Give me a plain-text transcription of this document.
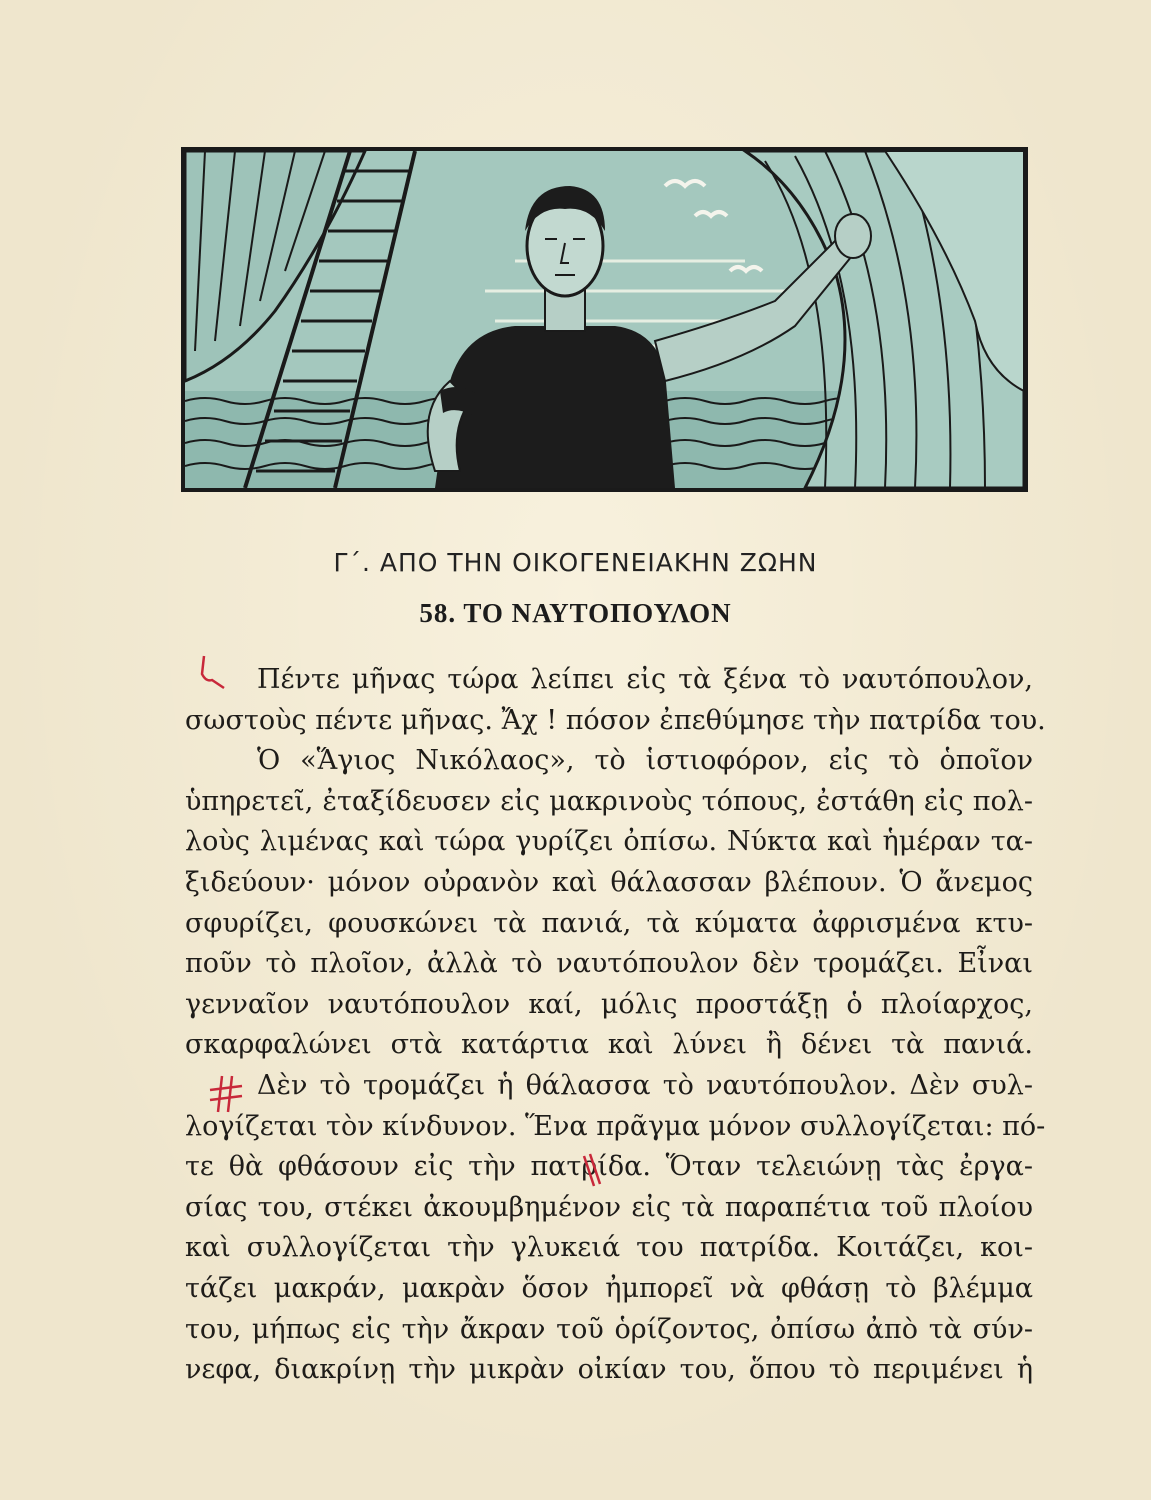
Γ΄. ΑΠΟ ΤΗΝ ΟΙΚΟΓΕΝΕΙΑΚΗΝ ΖΩΗΝ
58. ΤΟ ΝΑΥΤΟΠΟΥΛΟΝ
Πέντε μῆνας τώρα λείπει εἰς τὰ ξένα τὸ ναυτόπουλον,
σωστοὺς πέντε μῆνας. Ἄχ ! πόσον ἐπεθύμησε τὴν πατρίδα του.
Ὁ «Ἅγιος Νικόλαος», τὸ ἱστιοφόρον, εἰς τὸ ὁποῖον
ὑπηρετεῖ, ἐταξίδευσεν εἰς μακρινοὺς τόπους, ἐστάθη εἰς πολ-
λοὺς λιμένας καὶ τώρα γυρίζει ὀπίσω. Νύκτα καὶ ἡμέραν τα-
ξιδεύουν· μόνον οὐρανὸν καὶ θάλασσαν βλέπουν. Ὁ ἄνεμος
σφυρίζει, φουσκώνει τὰ πανιά, τὰ κύματα ἀφρισμένα κτυ-
ποῦν τὸ πλοῖον, ἀλλὰ τὸ ναυτόπουλον δὲν τρομάζει. Εἶναι
γενναῖον ναυτόπουλον καί, μόλις προστάξῃ ὁ πλοίαρχος,
σκαρφαλώνει στὰ κατάρτια καὶ λύνει ἢ δένει τὰ πανιά.
Δὲν τὸ τρομάζει ἡ θάλασσα τὸ ναυτόπουλον. Δὲν συλ-
λογίζεται τὸν κίνδυνον. Ἕνα πρᾶγμα μόνον συλλογίζεται: πό-
τε θὰ φθάσουν εἰς τὴν πατρίδα. Ὅταν τελειώνῃ τὰς ἐργα-
σίας του, στέκει ἀκουμβημένον εἰς τὰ παραπέτια τοῦ πλοίου
καὶ συλλογίζεται τὴν γλυκειά του πατρίδα. Κοιτάζει, κοι-
τάζει μακράν, μακρὰν ὅσον ἠμπορεῖ νὰ φθάσῃ τὸ βλέμμα
του, μήπως εἰς τὴν ἄκραν τοῦ ὁρίζοντος, ὀπίσω ἀπὸ τὰ σύν-
νεφα, διακρίνῃ τὴν μικρὰν οἰκίαν του, ὅπου τὸ περιμένει ἡ
